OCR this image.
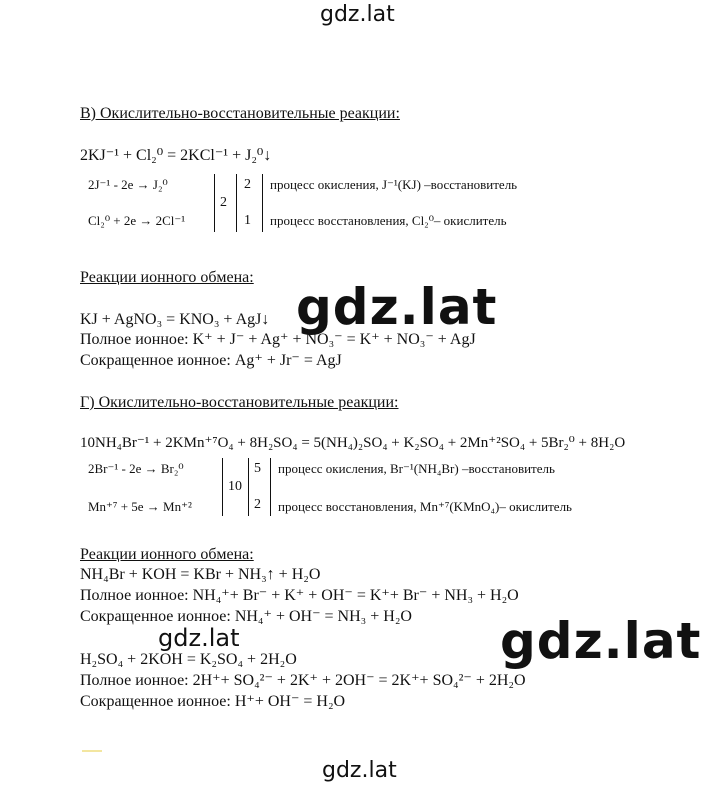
gdz.lat
В) Окислительно-восстановительные реакции:
2KJ⁻¹ + Cl₂⁰ = 2KCl⁻¹ + J₂⁰↓
2J⁻¹ - 2e → J₂⁰
Cl₂⁰ + 2e → 2Cl⁻¹
2
2
1
процесс окисления, J⁻¹(KJ) –восстановитель
процесс восстановления, Cl₂⁰– окислитель
Реакции ионного обмена:
KJ + AgNO₃ = KNO₃ + AgJ↓
Полное ионное: K⁺ + J⁻ + Ag⁺ + NO₃⁻ = K⁺ + NO₃⁻ + AgJ
Сокращенное ионное: Ag⁺ + Jr⁻ = AgJ
gdz.lat
Г) Окислительно-восстановительные реакции:
10NH₄Br⁻¹ + 2KMn⁺⁷O₄ + 8H₂SO₄ = 5(NH₄)₂SO₄ + K₂SO₄ + 2Mn⁺²SO₄ + 5Br₂⁰ + 8H₂O
2Br⁻¹ - 2e → Br₂⁰
Mn⁺⁷ + 5e → Mn⁺²
10
5
2
процесс окисления, Br⁻¹(NH₄Br) –восстановитель
процесс восстановления, Mn⁺⁷(KMnO₄)– окислитель
Реакции ионного обмена:
NH₄Br + KOH = KBr + NH₃↑ + H₂O
Полное ионное: NH₄⁺+ Br⁻ + K⁺ + OH⁻ = K⁺+ Br⁻ + NH₃ + H₂O
Сокращенное ионное: NH₄⁺ + OH⁻ = NH₃ + H₂O
gdz.lat	gdz.lat
H₂SO₄ + 2KOH = K₂SO₄ + 2H₂O
Полное ионное: 2H⁺+ SO₄²⁻ + 2K⁺ + 2OH⁻ = 2K⁺+ SO₄²⁻ + 2H₂O
Сокращенное ионное: H⁺+ OH⁻ = H₂O
gdz.lat
